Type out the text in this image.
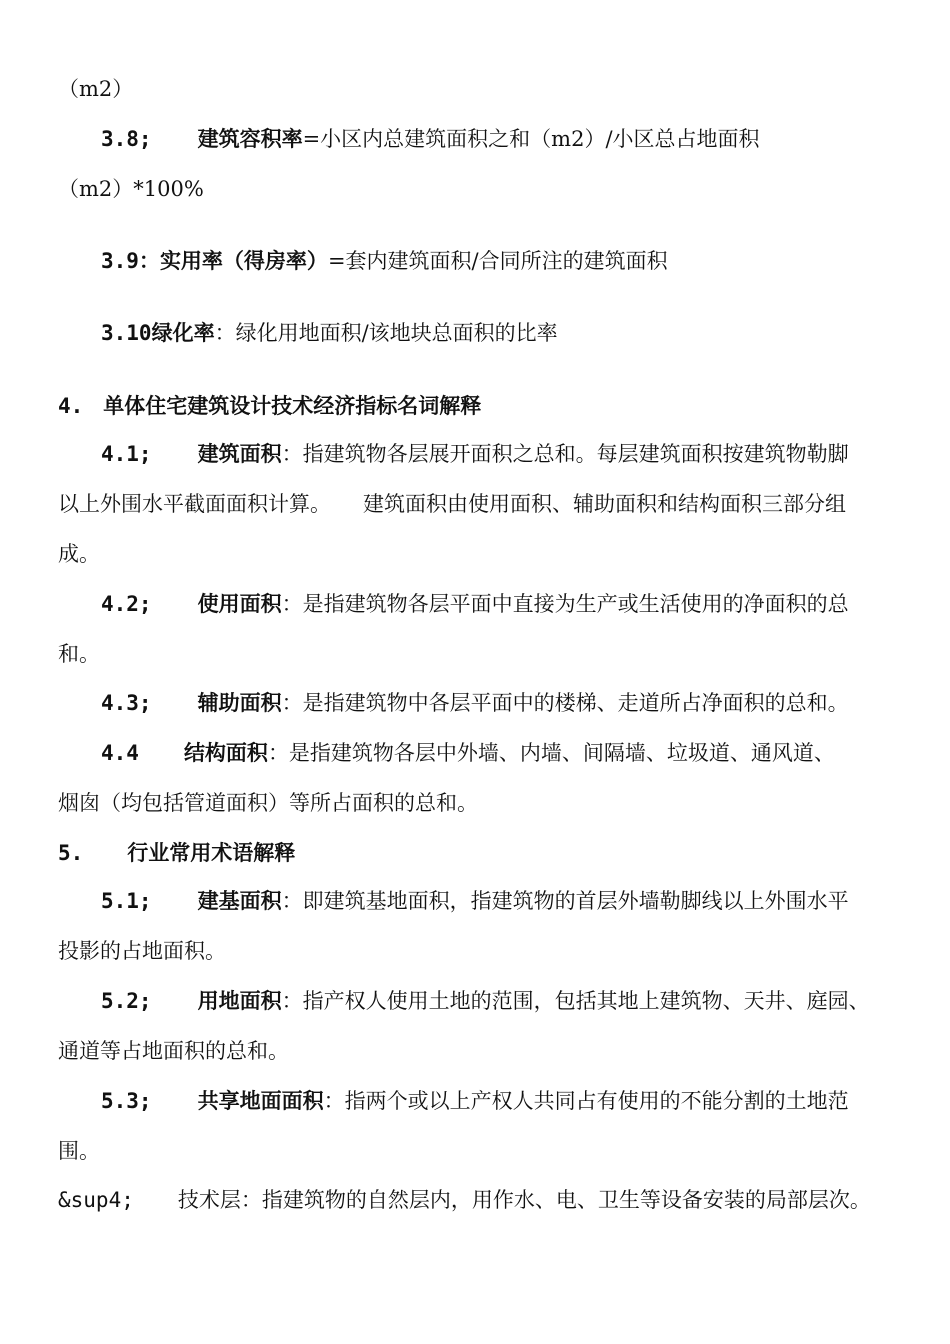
（m2）
3.8; 建筑容积率=小区内总建筑面积之和（m2）/小区总占地面积
（m2）*100%
3.9：实用率（得房率）=套内建筑面积/合同所注的建筑面积
3.10绿化率：绿化用地面积/该地块总面积的比率
4. 单体住宅建筑设计技术经济指标名词解释
4.1; 建筑面积：指建筑物各层展开面积之总和。每层建筑面积按建筑物勒脚
以上外围水平截面面积计算。 建筑面积由使用面积、辅助面积和结构面积三部分组
成。
4.2; 使用面积：是指建筑物各层平面中直接为生产或生活使用的净面积的总
和。
4.3; 辅助面积：是指建筑物中各层平面中的楼梯、走道所占净面积的总和。
4.4 结构面积：是指建筑物各层中外墙、内墙、间隔墙、垃圾道、通风道、
烟囱（均包括管道面积）等所占面积的总和。
5. 行业常用术语解释
5.1; 建基面积：即建筑基地面积，指建筑物的首层外墙勒脚线以上外围水平
投影的占地面积。
5.2; 用地面积：指产权人使用土地的范围，包括其地上建筑物、天井、庭园、
通道等占地面积的总和。
5.3; 共享地面面积：指两个或以上产权人共同占有使用的不能分割的土地范
围。
&sup4; 技术层：指建筑物的自然层内，用作水、电、卫生等设备安装的局部层次。
